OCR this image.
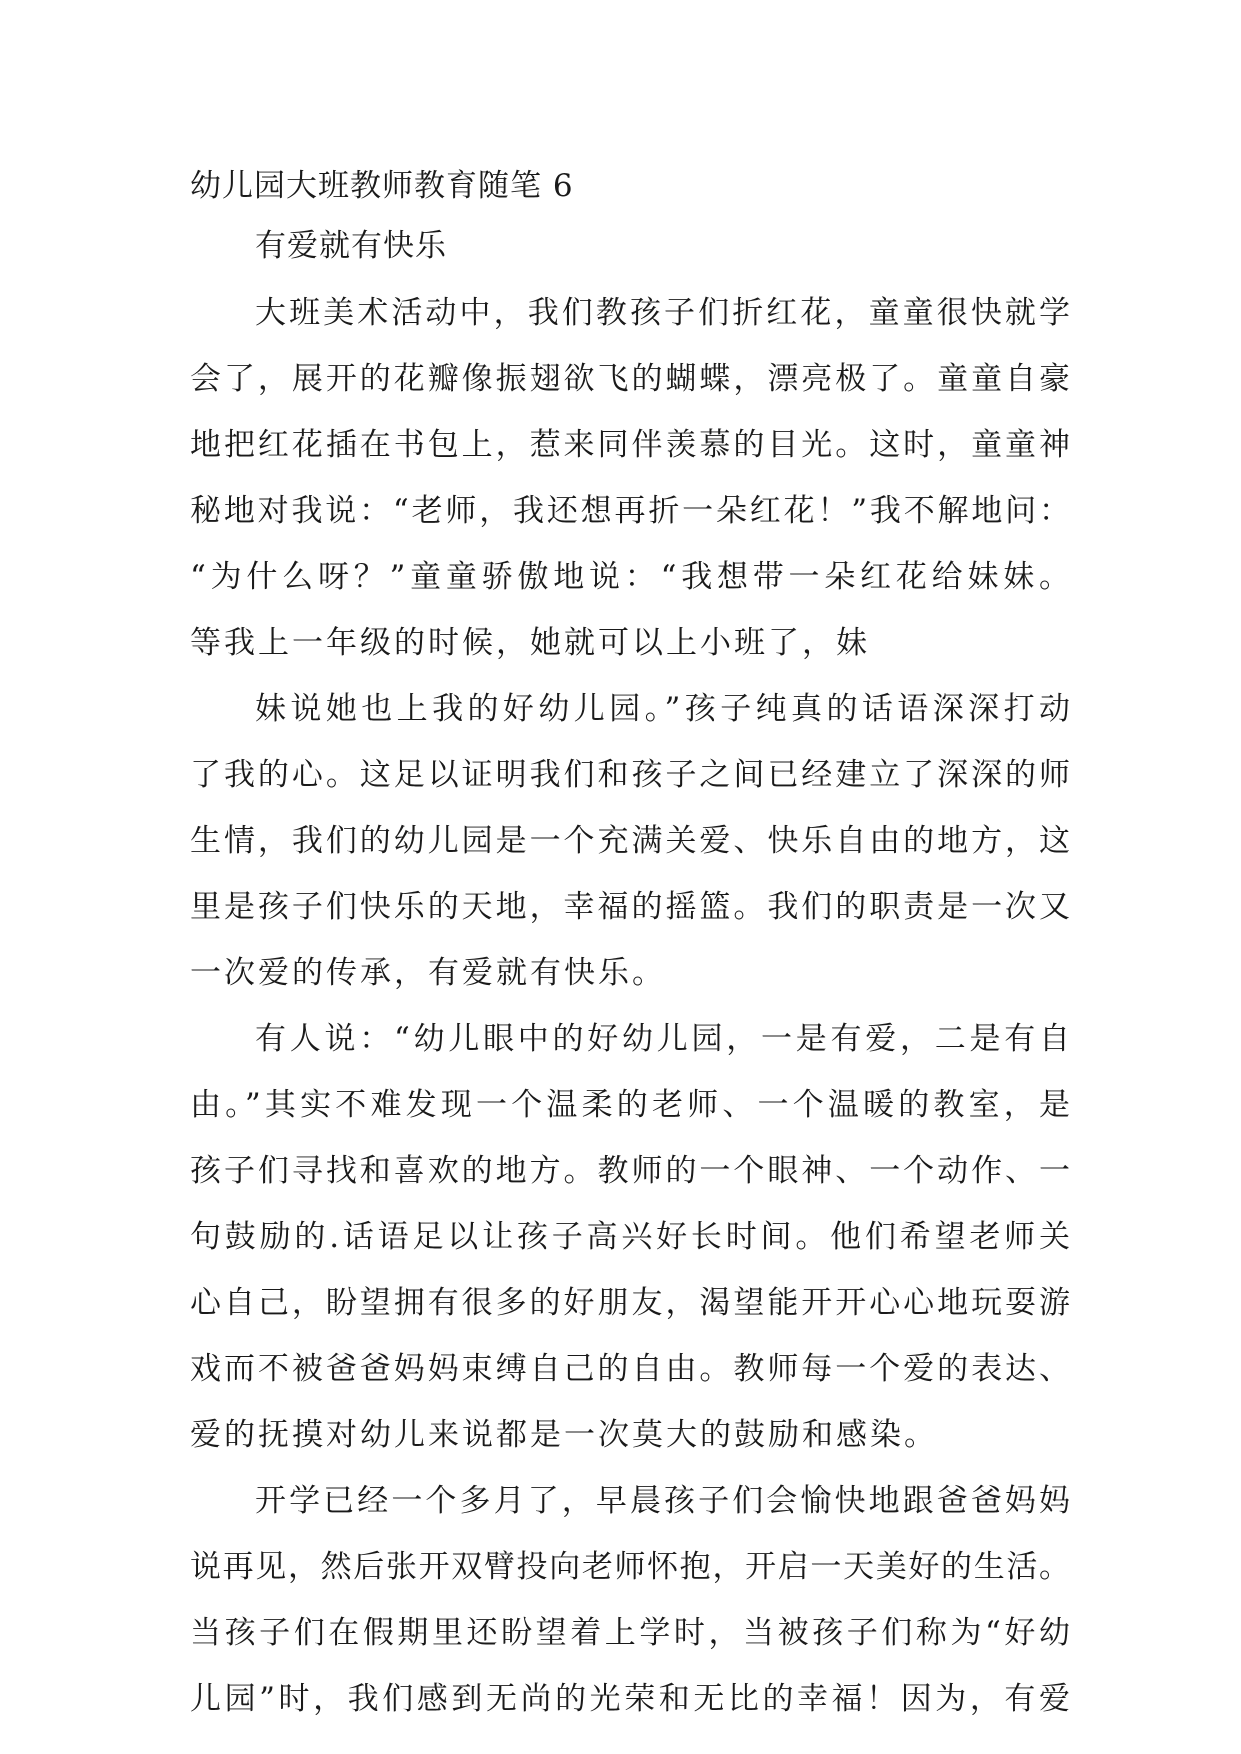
幼儿园大班教师教育随笔 6
有爱就有快乐
大班美术活动中，我们教孩子们折红花，童童很快就学
会了，展开的花瓣像振翅欲飞的蝴蝶，漂亮极了。童童自豪
地把红花插在书包上，惹来同伴羡慕的目光。这时，童童神
秘地对我说：“老师，我还想再折一朵红花！”我不解地问：
“为什么呀？”童童骄傲地说：“我想带一朵红花给妹妹。
等我上一年级的时候，她就可以上小班了，妹
妹说她也上我的好幼儿园。”孩子纯真的话语深深打动
了我的心。这足以证明我们和孩子之间已经建立了深深的师
生情，我们的幼儿园是一个充满关爱、快乐自由的地方，这
里是孩子们快乐的天地，幸福的摇篮。我们的职责是一次又
一次爱的传承，有爱就有快乐。
有人说：“幼儿眼中的好幼儿园，一是有爱，二是有自
由。”其实不难发现一个温柔的老师、一个温暖的教室，是
孩子们寻找和喜欢的地方。教师的一个眼神、一个动作、一
句鼓励的.话语足以让孩子高兴好长时间。他们希望老师关
心自己，盼望拥有很多的好朋友，渴望能开开心心地玩耍游
戏而不被爸爸妈妈束缚自己的自由。教师每一个爱的表达、
爱的抚摸对幼儿来说都是一次莫大的鼓励和感染。
开学已经一个多月了，早晨孩子们会愉快地跟爸爸妈妈
说再见，然后张开双臂投向老师怀抱，开启一天美好的生活。
当孩子们在假期里还盼望着上学时，当被孩子们称为“好幼
儿园”时，我们感到无尚的光荣和无比的幸福！因为，有爱
